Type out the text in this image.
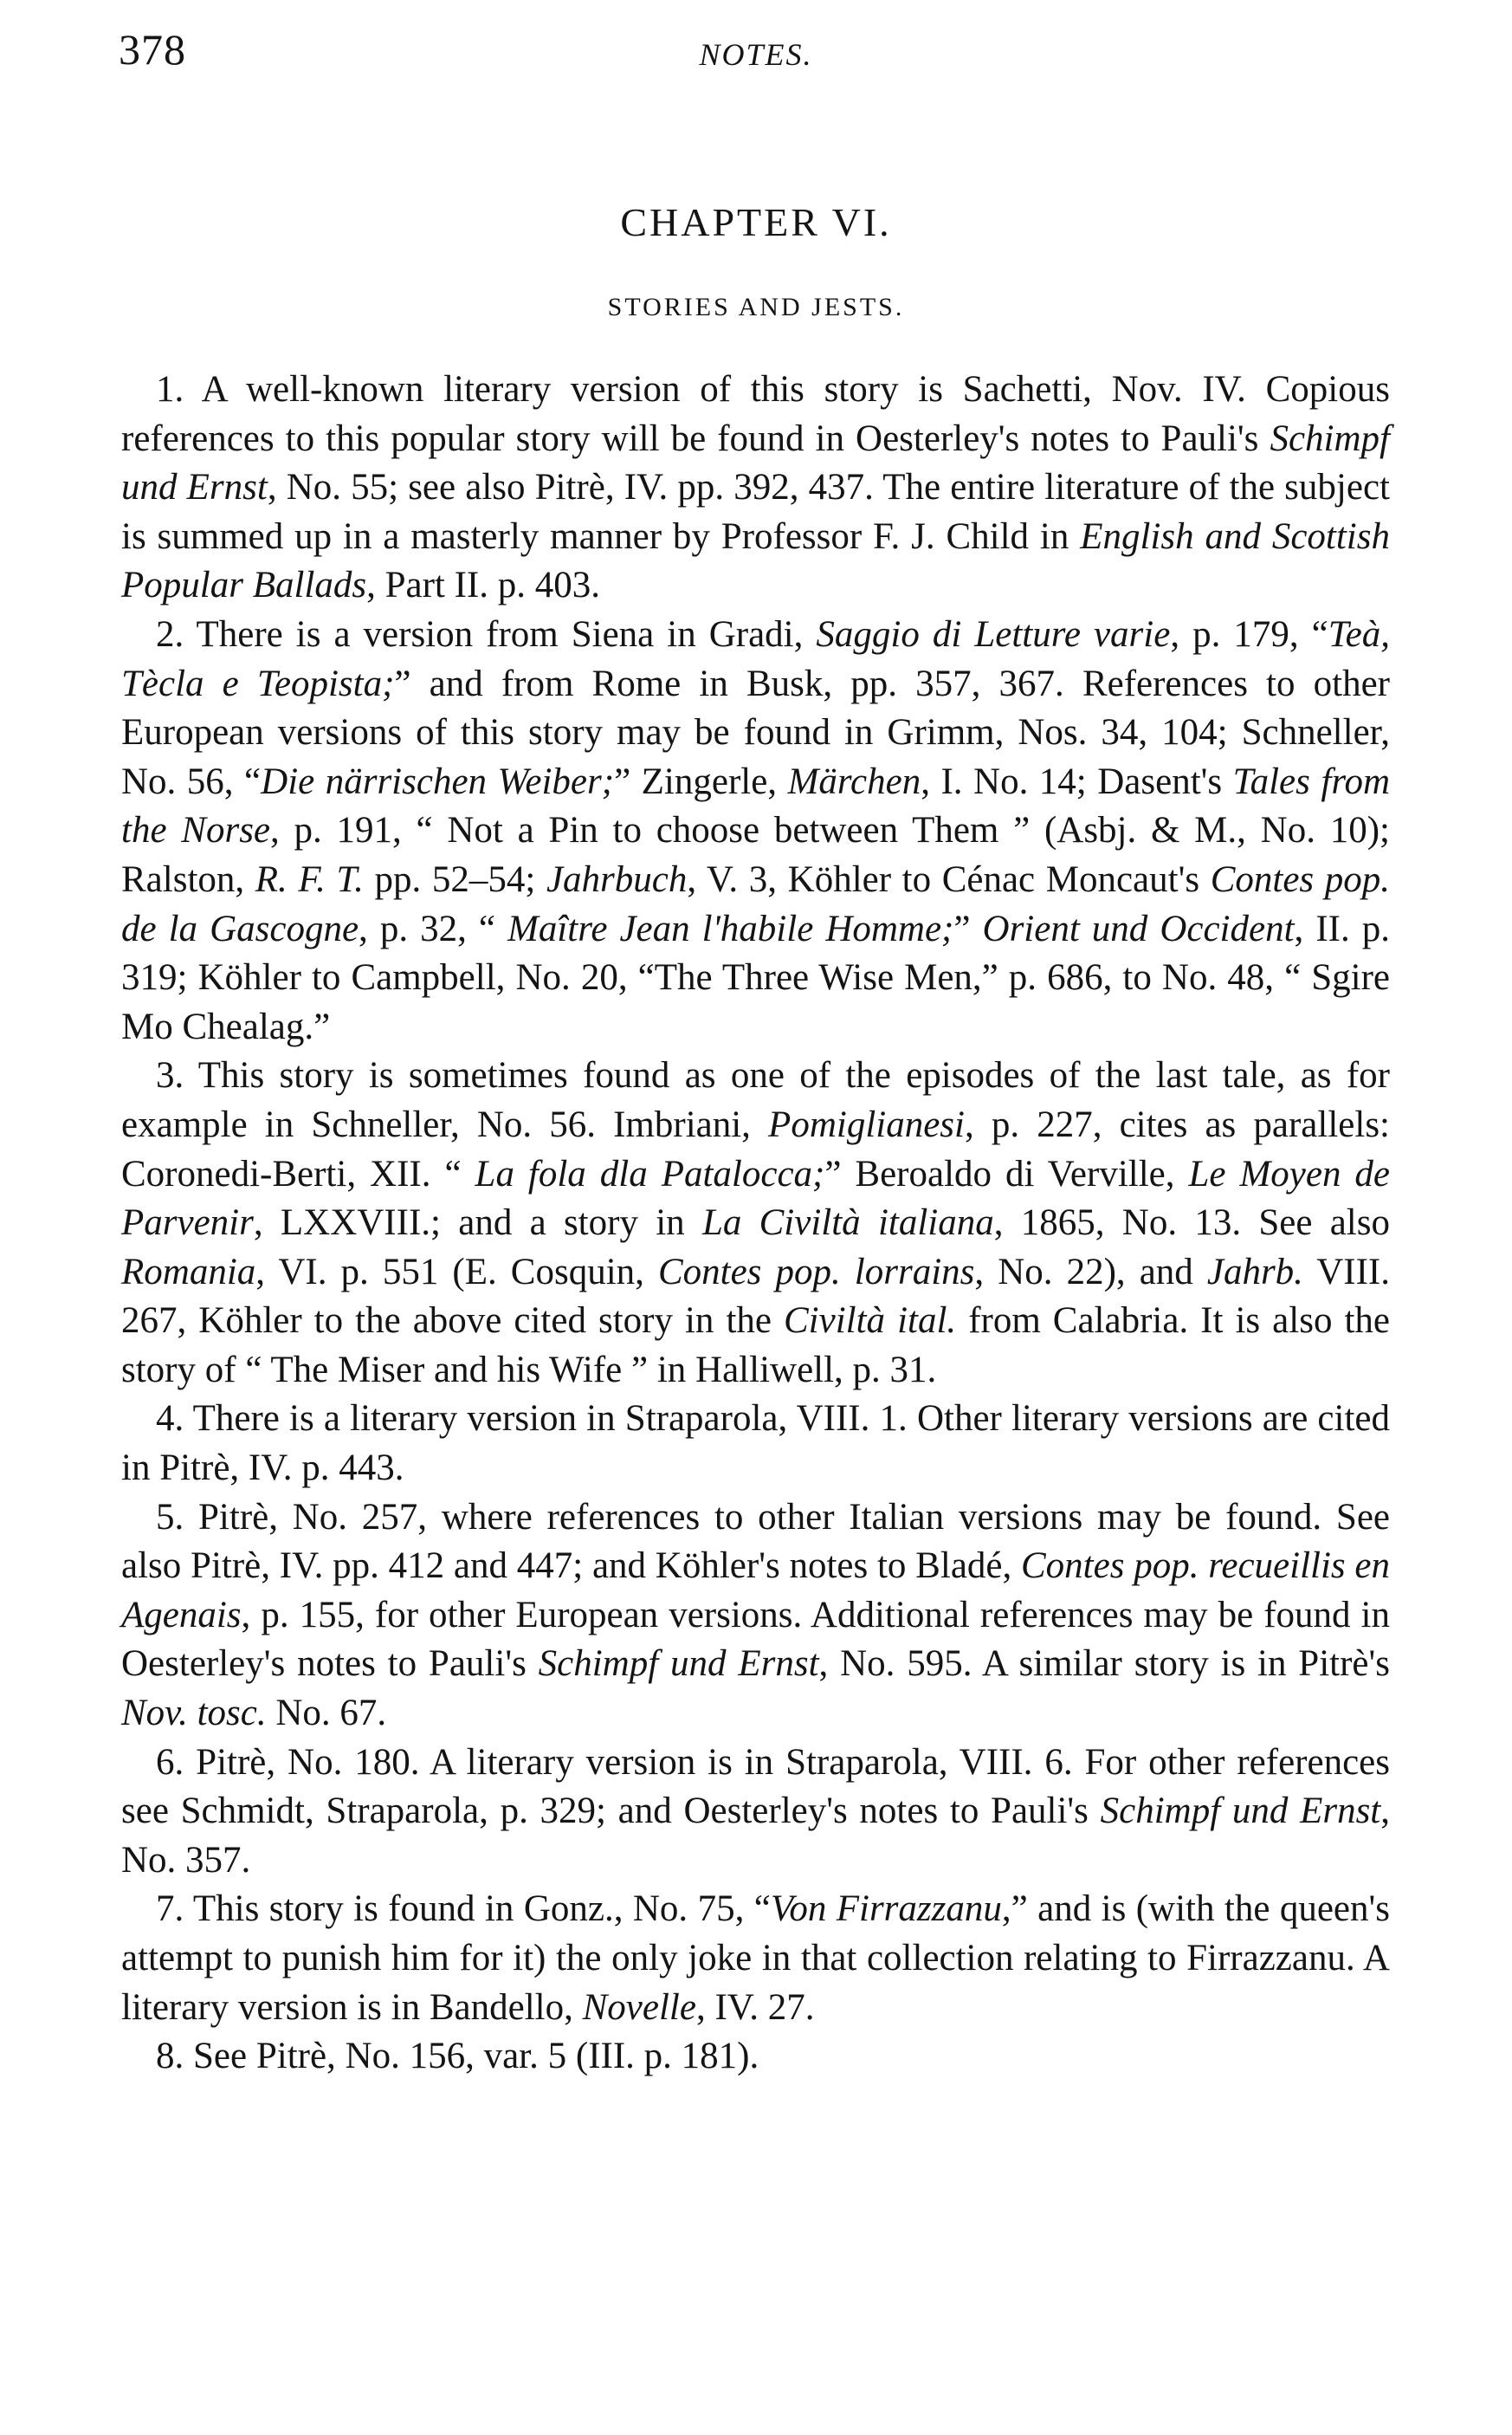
378	NOTES.
CHAPTER VI.
STORIES AND JESTS.

1. A well-known literary version of this story is Sachetti, Nov. IV. Copious references to this popular story will be found in Oesterley's notes to Pauli's Schimpf und Ernst, No. 55; see also Pitrè, IV. pp. 392, 437. The entire literature of the subject is summed up in a masterly manner by Professor F. J. Child in English and Scottish Popular Ballads, Part II. p. 403.

2. There is a version from Siena in Gradi, Saggio di Letture varie, p. 179, “Teà, Tècla e Teopista;” and from Rome in Busk, pp. 357, 367. References to other European versions of this story may be found in Grimm, Nos. 34, 104; Schneller, No. 56, “Die närrischen Weiber;” Zingerle, Märchen, I. No. 14; Dasent's Tales from the Norse, p. 191, “ Not a Pin to choose between Them ” (Asbj. & M., No. 10); Ralston, R. F. T. pp. 52–54; Jahrbuch, V. 3, Köhler to Cénac Moncaut's Contes pop. de la Gascogne, p. 32, “ Maître Jean l'habile Homme;” Orient und Occident, II. p. 319; Köhler to Campbell, No. 20, “The Three Wise Men,” p. 686, to No. 48, “ Sgire Mo Chealag.”

3. This story is sometimes found as one of the episodes of the last tale, as for example in Schneller, No. 56. Imbriani, Pomiglianesi, p. 227, cites as parallels: Coronedi-Berti, XII. “ La fola dla Patalocca;” Beroaldo di Verville, Le Moyen de Parvenir, LXXVIII.; and a story in La Civiltà italiana, 1865, No. 13. See also Romania, VI. p. 551 (E. Cosquin, Contes pop. lorrains, No. 22), and Jahrb. VIII. 267, Köhler to the above cited story in the Civiltà ital. from Calabria. It is also the story of “ The Miser and his Wife ” in Halliwell, p. 31.

4. There is a literary version in Straparola, VIII. 1. Other literary versions are cited in Pitrè, IV. p. 443.

5. Pitrè, No. 257, where references to other Italian versions may be found. See also Pitrè, IV. pp. 412 and 447; and Köhler's notes to Bladé, Contes pop. recueillis en Agenais, p. 155, for other European versions. Additional references may be found in Oesterley's notes to Pauli's Schimpf und Ernst, No. 595. A similar story is in Pitrè's Nov. tosc. No. 67.

6. Pitrè, No. 180. A literary version is in Straparola, VIII. 6. For other references see Schmidt, Straparola, p. 329; and Oesterley's notes to Pauli's Schimpf und Ernst, No. 357.

7. This story is found in Gonz., No. 75, “Von Firrazzanu,” and is (with the queen's attempt to punish him for it) the only joke in that collection relating to Firrazzanu. A literary version is in Bandello, Novelle, IV. 27.

8. See Pitrè, No. 156, var. 5 (III. p. 181).
